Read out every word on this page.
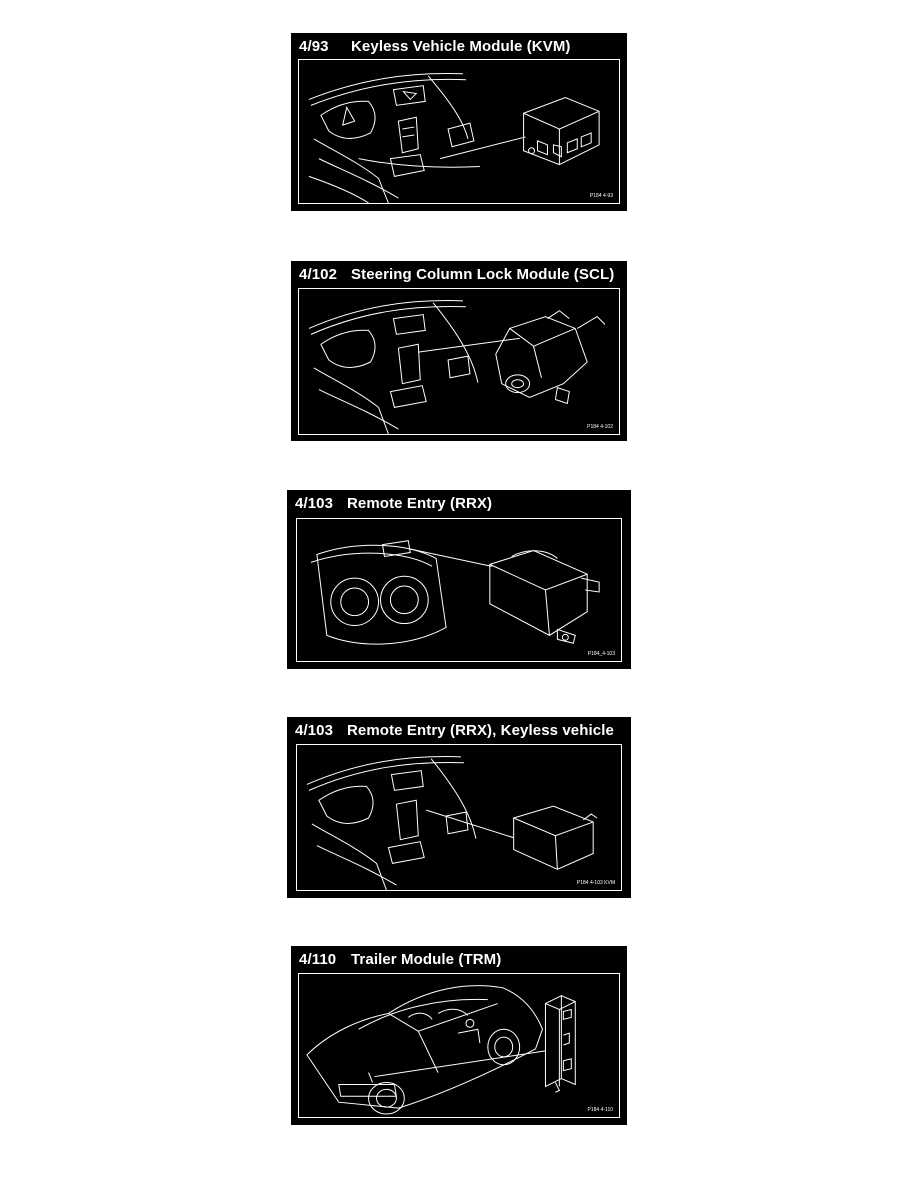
4/93 Keyless Vehicle Module (KVM)
P184 4-93
4/102 Steering Column Lock Module (SCL)
P184 4-102
4/103 Remote Entry (RRX)
P184_4-103
4/103 Remote Entry (RRX), Keyless vehicle
P184 4-103 KVM
4/110 Trailer Module (TRM)
P184 4-110
